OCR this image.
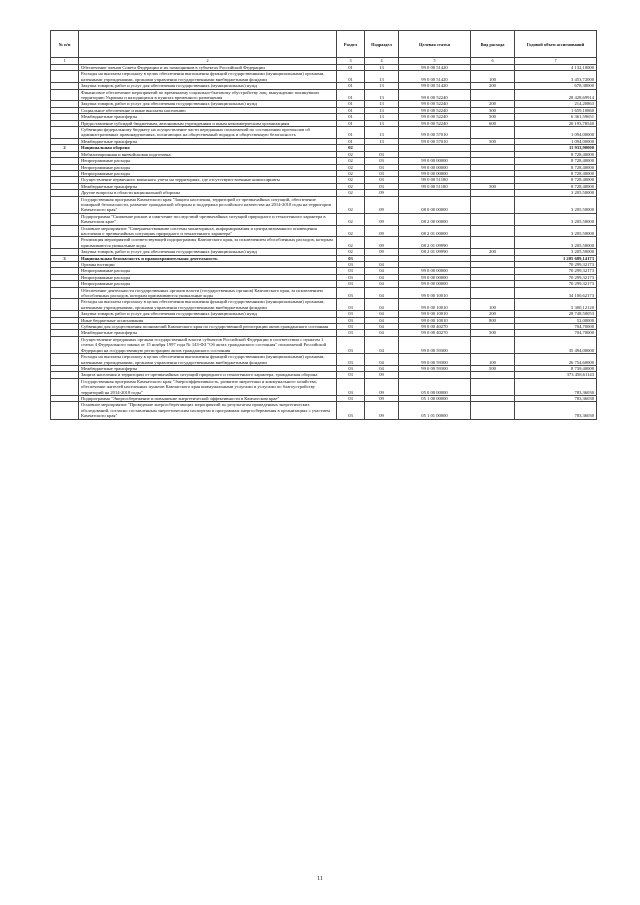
№ п/п		Раздел	Подраздел	Целевая статья	Вид расхода	Годовой объем ассигнований
1	2	3	4	5	6	7
	Обеспечение членов Совета Федерации и их помощников в субъектах Российской Федерации	01	13	99 0 00 51420		4 132,10000
	Расходы на выплаты персоналу в целях обеспечения выполнения функций государственными (муниципальными) органами, казенными учреждениями, органами управления государственными внебюджетными фондами	01	13	99 0 00 51420	100	3 453,72000
	Закупка товаров, работ и услуг для обеспечения государственных (муниципальных) нужд	01	13	99 0 00 51420	200	678,38000
	Финансовое обеспечение мероприятий по временному социально-бытовому обустройству лиц, вынужденно покинувших территорию Украины и находящихся в пунктах временного размещения	01	13	99 0 00 52240		28 428,69914
	Закупка товаров, работ и услуг для обеспечения государственных (муниципальных) нужд	01	13	99 0 00 52240	200	214,20863
	Социальное обеспечение и иные выплаты населению	01	13	99 0 00 52240	300	1 659,10860
	Межбюджетные трансферты	01	13	99 0 00 52240	500	6 361,59651
	Предоставление субсидий бюджетным, автономным учреждениям и иным некоммерческим организациям	01	13	99 0 00 52240	600	20 193,78540
	Субвенции федеральному бюджету на осуществление части переданных полномочий по составлению протоколов об административных правонарушениях, посягающих на общественный порядок и общественную безопасность	01	13	99 0 00 57010		1 094,00000
	Межбюджетные трансферты	01	13	99 0 00 57010	500	1 094,00000
2	Национальная оборона	02				11 933,90000
	Мобилизационная и вневойсковая подготовка	02	03			8 728,40000
	Непрограммные расходы	02	03	99 0 00 00000		8 728,40000
	Непрограммные расходы	02	03	99 0 00 00000		8 728,40000
	Непрограммные расходы	02	03	99 0 00 00000		8 728,40000
	Осуществление первичного воинского учета на территориях, где отсутствуют военные комиссариаты	02	03	99 0 00 51180		8 728,40000
	Межбюджетные трансферты	02	03	99 0 00 51180	500	8 728,40000
	Другие вопросы в области национальной обороны	02	09			3 205,50000
	Государственная программа Камчатского края "Защита населения, территорий от чрезвычайных ситуаций, обеспечение пожарной безопасности, развитие гражданской обороны и поддержка российского казачества на 2014-2018 годы на территории Камчатского края"	02	09	08 0 00 00000		3 205,50000
	Подпрограмма "Снижение рисков и смягчение последствий чрезвычайных ситуаций природного и техногенного характера в Камчатском крае"	02	09	08 2 00 00000		3 205,50000
	Основное мероприятие "Совершенствование системы мониторинга, информирования и централизованного оповещения населения о чрезвычайных ситуациях природного и техногенного характера"	02	09	08 2 01 00000		3 205,50000
	Реализация мероприятий соответствующей подпрограммы Камчатского края, за исключением обособленных расходов, которым присваиваются уникальные коды	02	09	08 2 01 09990		3 205,50000
	Закупка товаров, работ и услуг для обеспечения государственных (муниципальных) нужд	02	09	08 2 01 09990	200	3 205,50000
3	Национальная безопасность и правоохранительная деятельность	03				1 205 689,14173
	Органы юстиции	03	04			70 299,32173
	Непрограммные расходы	03	04	99 0 00 00000		70 299,32173
	Непрограммные расходы	03	04	99 0 00 00000		70 299,32173
	Непрограммные расходы	03	04	99 0 00 00000		70 299,32173
	Обеспечение деятельности государственных органов власти (государственных органов) Камчатского края, за исключением обособленных расходов, которым присваиваются уникальные коды	03	04	99 0 00 10010		34 100,62173
	Расходы на выплаты персоналу в целях обеспечения выполнения функций государственными (муниципальными) органами, казенными учреждениями, органами управления государственными внебюджетными фондами	03	04	99 0 00 10010	100	5 300,12120
	Закупка товаров, работ и услуг для обеспечения государственных (муниципальных) нужд	03	04	99 0 00 10010	200	28 748,50053
	Иные бюджетные ассигнования	03	04	99 0 00 10010	800	52,00000
	Субвенции для осуществления полномочий Камчатского края по государственной регистрации актов гражданского состояния	03	04	99 0 00 40270		704,70000
	Межбюджетные трансферты	03	04	99 0 00 40270	500	704,70000
	Осуществление переданных органам государственной власти субъектов Российской Федерации в соответствии с пунктом 1 статьи 4 Федерального закона от 15 ноября 1997 года № 143-ФЗ "Об актах гражданского состояния" полномочий Российской Федерации на государственную регистрацию актов гражданского состояния	03	04	99 0 00 59300		35 494,00000
	Расходы на выплаты персоналу в целях обеспечения выполнения функций государственными (муниципальными) органами, казенными учреждениями, органами управления государственными внебюджетными фондами	03	04	99 0 00 59300	100	26 754,60000
	Межбюджетные трансферты	03	04	99 0 00 59300	500	8 739,40000
	Защита населения и территории от чрезвычайных ситуаций природного и техногенного характера, гражданская оборона	03	09			373 458,61143
	Государственная программа Камчатского края "Энергоэффективность, развитие энергетики и коммунального хозяйства, обеспечение жителей населенных пунктов Камчатского края коммунальными услугами и услугами по благоустройству территорий на 2014-2018 годы"	03	09	05 0 00 00000		783,36030
	Подпрограмма "Энергосбережение и повышение энергетической эффективности в Камчатском крае"	03	09	05 1 00 00000		783,36030
	Основное мероприятие "Проведение энергосберегающих мероприятий по результатам проведенных энергетических обследований, согласно составленным энергетическим паспортам и программам энергосбережения в организациях с участием Камчатского края"	03	09	05 1 01 00000		783,36030
11
